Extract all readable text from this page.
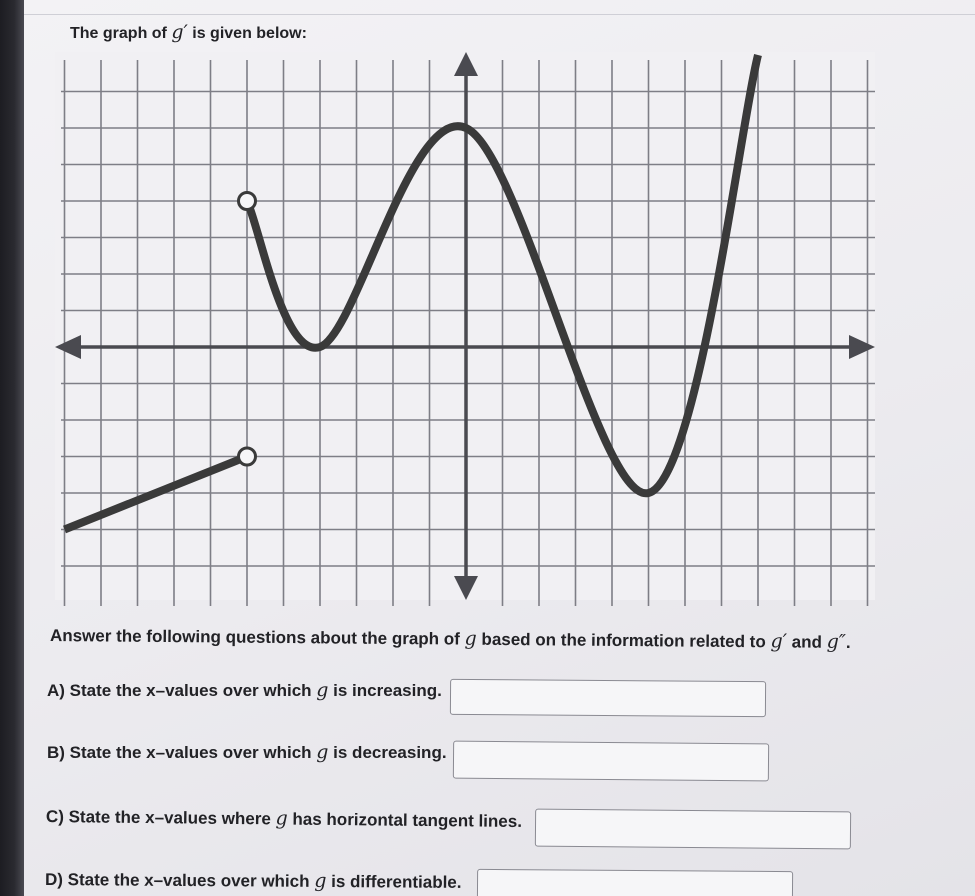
The graph of g′ is given below:
Answer the following questions about the graph of g based on the information related to g′ and g″.
A) State the x–values over which g is increasing.
B) State the x–values over which g is decreasing.
C) State the x–values where g has horizontal tangent lines.
D) State the x–values over which g is differentiable.
